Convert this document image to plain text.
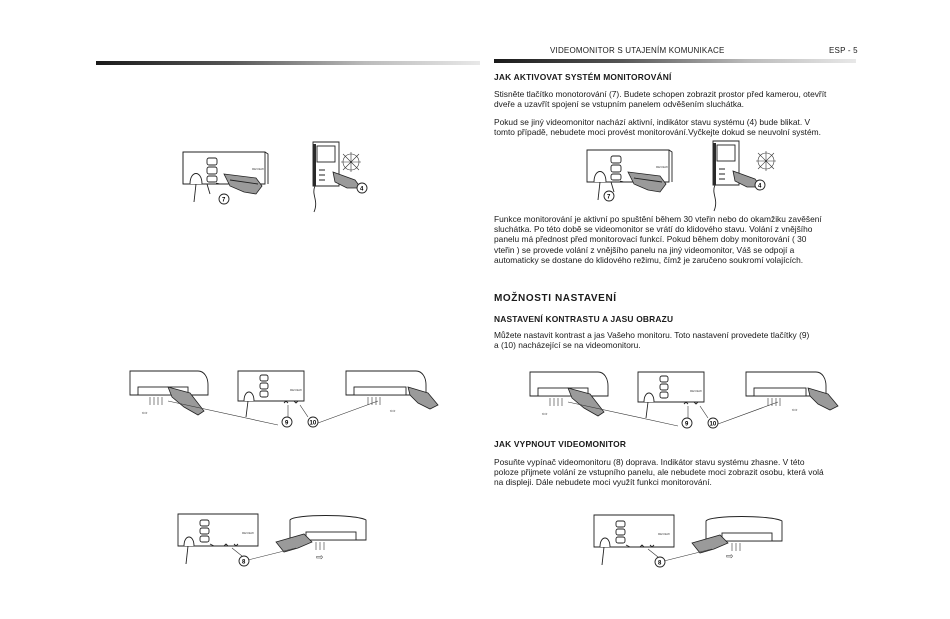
VIDEOMONITOR S UTAJENÍM KOMUNIKACE	ESP - 5
JAK AKTIVOVAT SYSTÉM MONITOROVÁNÍ
Stisněte tlačítko monotorování (7). Budete schopen zobrazit prostor před kamerou, otevřít
dveře a uzavřít spojení se vstupním panelem odvěšením sluchátka.
Pokud se jiný videomonitor nachází aktivní, indikátor stavu systému (4) bude blikat. V
tomto případě, nebudete moci provést monitorování.Vyčkejte dokud se neuvolní systém.
Funkce monitorování je aktivní po spuštění během 30 vteřin nebo do okamžiku zavěšení
sluchátka. Po této době se videomonitor se vrátí do klidového stavu. Volání z vnějšího
panelu má přednost před monitorovací funkcí. Pokud během doby monitorování ( 30
vteřin ) se provede volání z vnějšího panelu na jiný videomonitor, Váš se odpojí a
automaticky se dostane do klidového režimu, čímž je zaručeno soukromí volajících.
MOŽNOSTI NASTAVENÍ
NASTAVENÍ KONTRASTU A JASU OBRAZU
Můžete nastavit kontrast a jas Vašeho monitoru. Toto nastavení provedete tlačítky (9)
a (10) nacházející se na videomonitoru.
JAK VYPNOUT VIDEOMONITOR
Posuňte vypínač videomonitoru (8) doprava. Indikátor stavu systému zhasne. V této
poloze přijmete volání ze vstupního panelu, ale nebudete moci zobrazit osobu, která volá
na displeji. Dále nebudete moci využít funkci monitorování.
REVIEW
7
4
REVIEW
7
4
⇔
REVIEW
⇔
9	10
⇔
REVIEW
⇔
9	10
REVIEW
⇨
8
REVIEW
⇨
8
